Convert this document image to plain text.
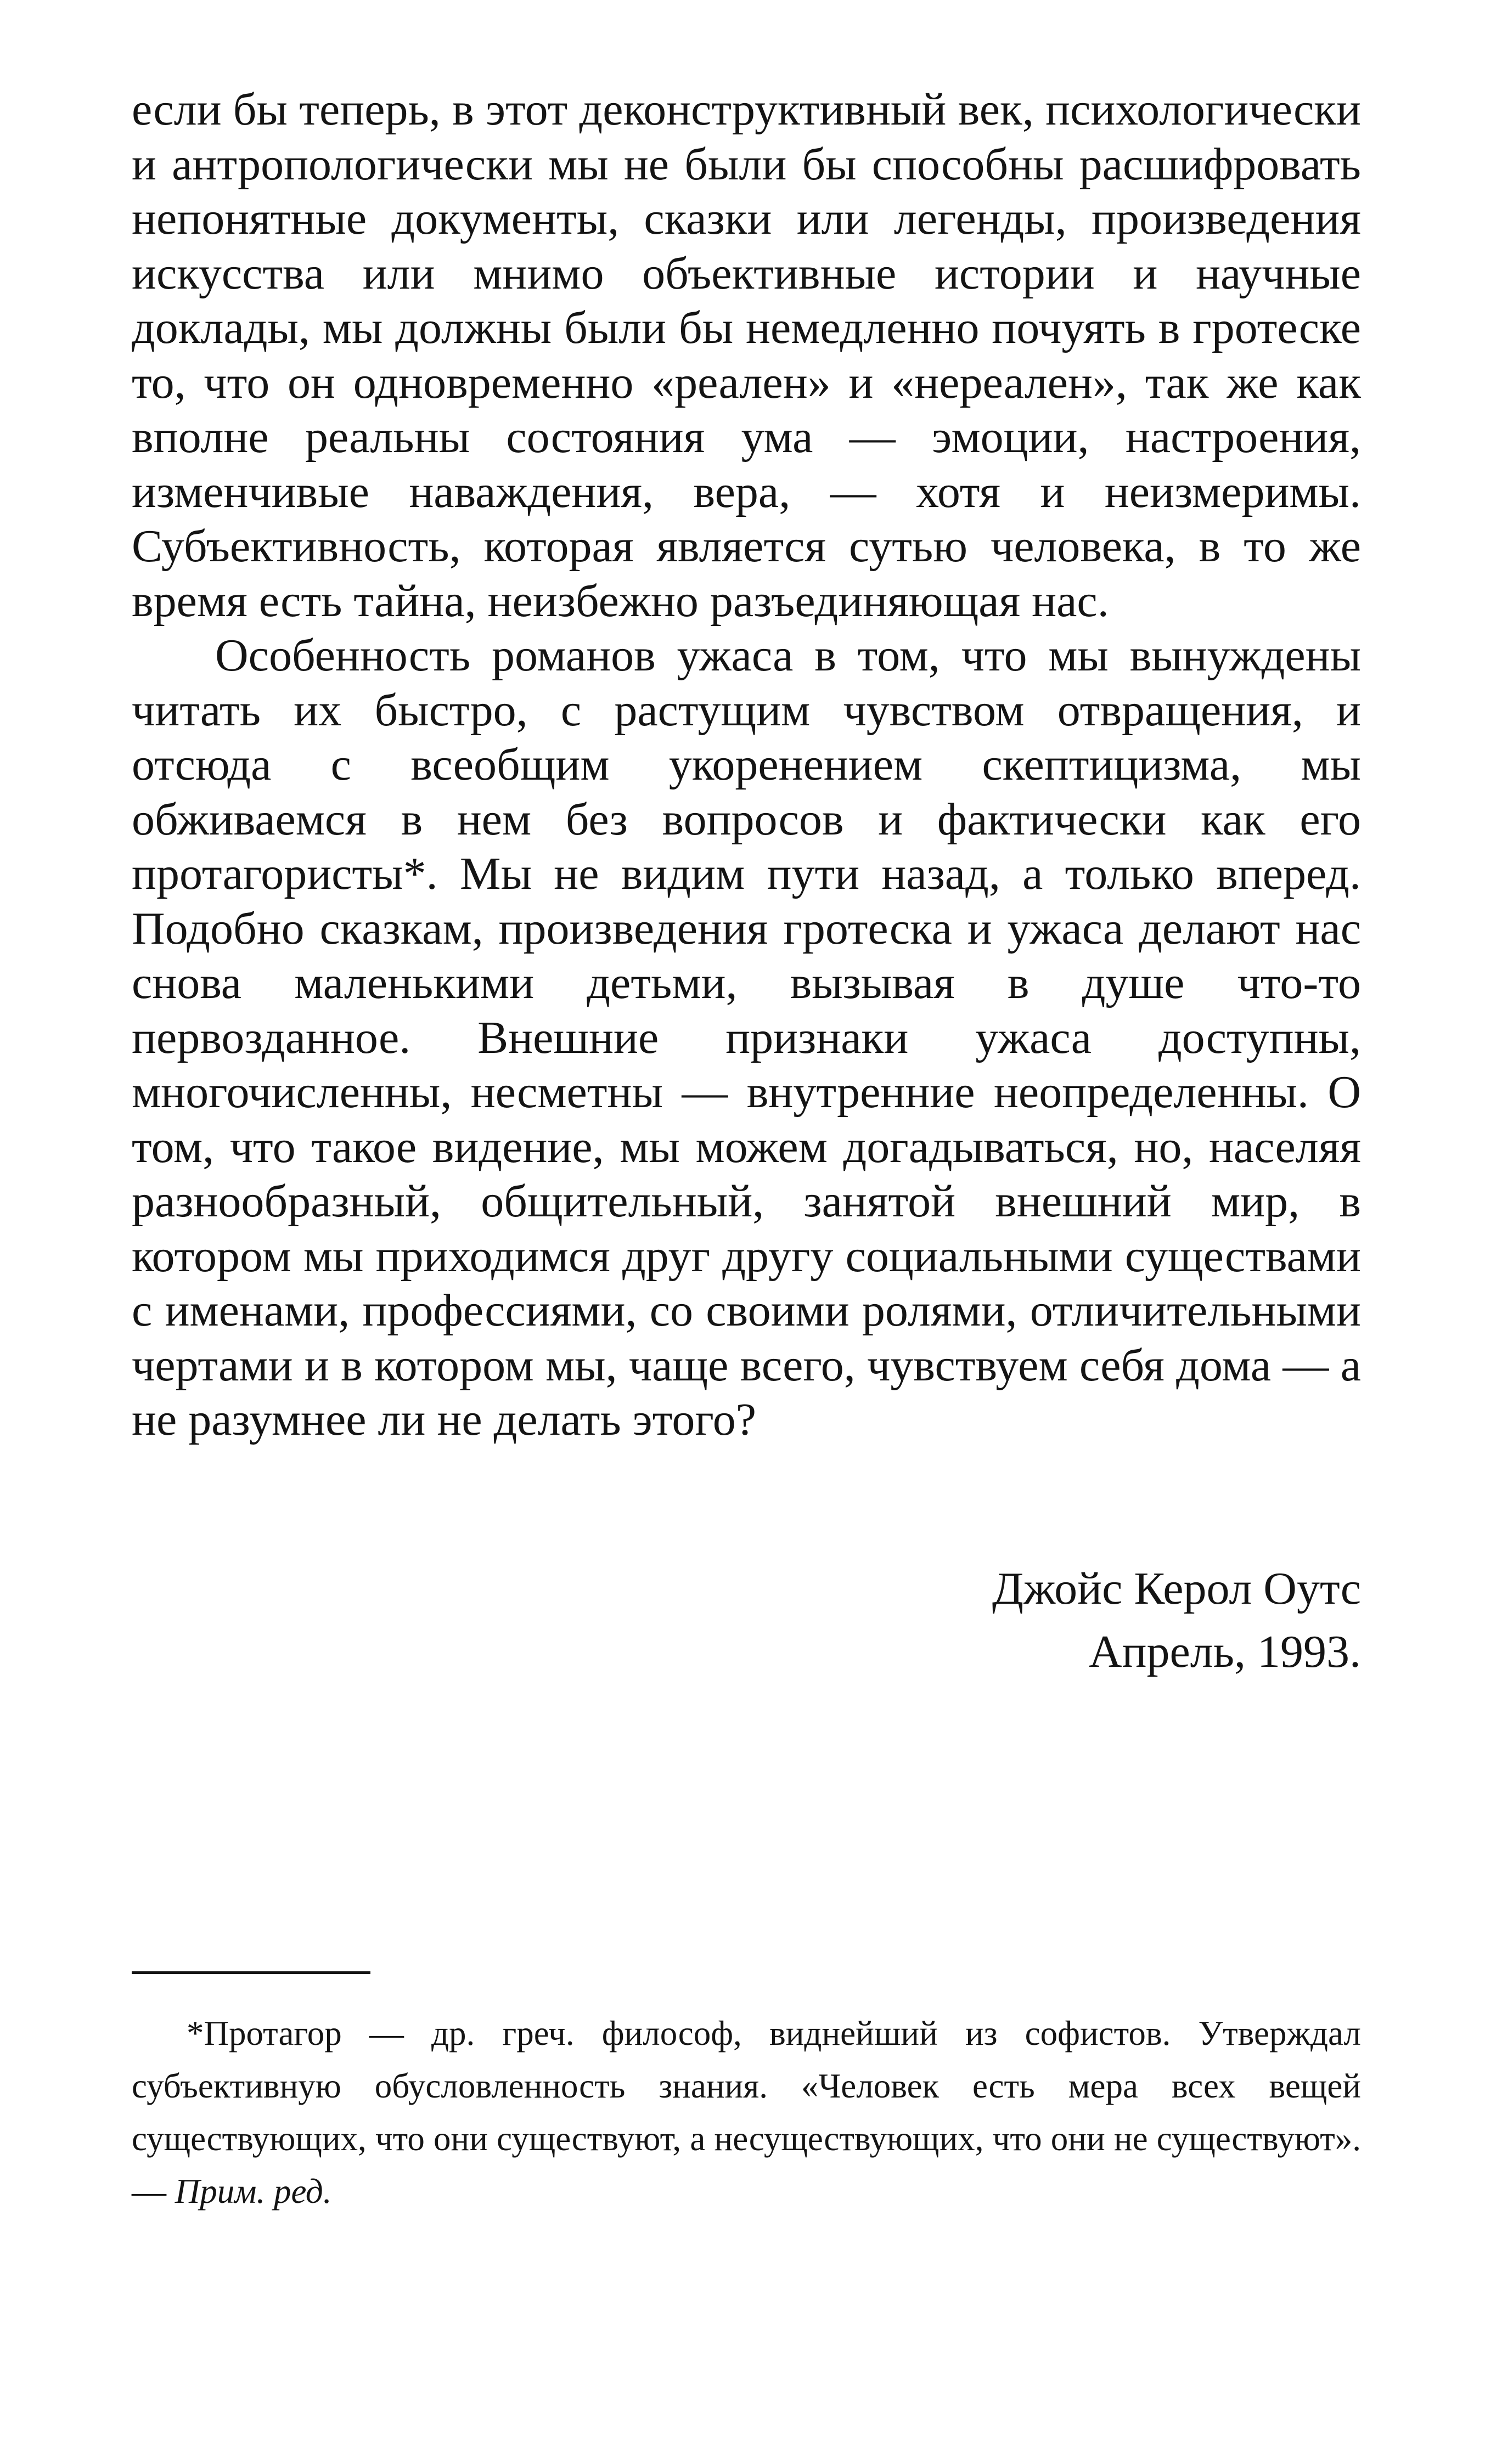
если бы теперь, в этот деконструктивный век, психологически и антропологически мы не были бы способны расшифровать непонятные документы, сказки или легенды, произведения искусства или мнимо объективные истории и научные доклады, мы должны были бы немедленно почуять в гротеске то, что он одновременно «реален» и «нереален», так же как вполне реальны состояния ума — эмоции, настроения, изменчивые наваждения, вера, — хотя и неизмеримы. Субъективность, которая является сутью человека, в то же время есть тайна, неизбежно разъединяющая нас.

Особенность романов ужаса в том, что мы вынуждены читать их быстро, с растущим чувством отвращения, и отсюда с всеобщим укоренением скептицизма, мы обживаемся в нем без вопросов и фактически как его протагористы*. Мы не видим пути назад, а только вперед. Подобно сказкам, произведения гротеска и ужаса делают нас снова маленькими детьми, вызывая в душе что-то первозданное. Внешние признаки ужаса доступны, многочисленны, несметны — внутренние неопределенны. О том, что такое видение, мы можем догадываться, но, населяя разнообразный, общительный, занятой внешний мир, в котором мы приходимся друг другу социальными существами с именами, профессиями, со своими ролями, отличительными чертами и в котором мы, чаще всего, чувствуем себя дома — а не разумнее ли не делать этого?

Джойс Керол Оутс
Апрель, 1993.

*Протагор — др. греч. философ, виднейший из софистов. Утверждал субъективную обусловленность знания. «Человек есть мера всех вещей существующих, что они существуют, а несуществующих, что они не существуют». — Прим. ред.
